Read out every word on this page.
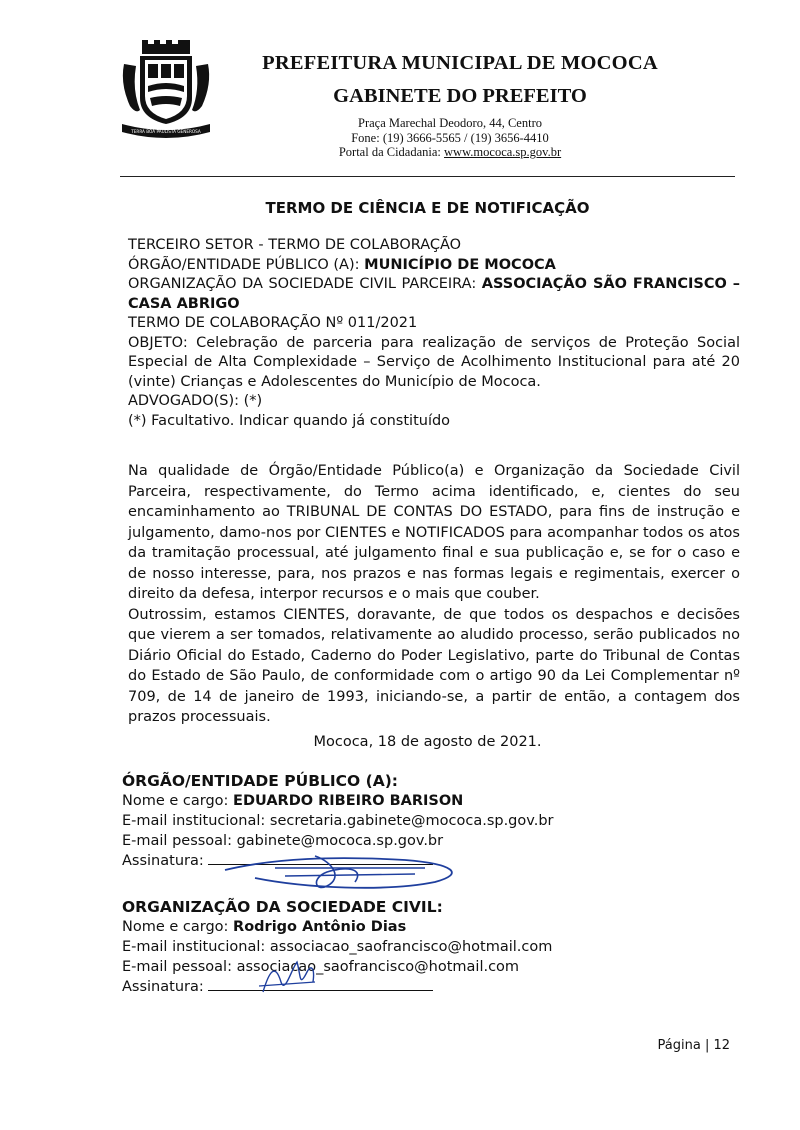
TERRA BOA PAULISTA GENEROSA
PREFEITURA MUNICIPAL DE MOCOCA
GABINETE DO PREFEITO
Praça Marechal Deodoro, 44, Centro
Fone: (19) 3666-5565 / (19) 3656-4410
Portal da Cidadania: www.mococa.sp.gov.br
TERMO DE CIÊNCIA E DE NOTIFICAÇÃO
TERCEIRO SETOR - TERMO DE COLABORAÇÃO
ÓRGÃO/ENTIDADE PÚBLICO (A): MUNICÍPIO DE MOCOCA
ORGANIZAÇÃO DA SOCIEDADE CIVIL PARCEIRA: ASSOCIAÇÃO SÃO FRANCISCO – CASA ABRIGO
TERMO DE COLABORAÇÃO Nº 011/2021
OBJETO: Celebração de parceria para realização de serviços de Proteção Social Especial de Alta Complexidade – Serviço de Acolhimento Institucional para até 20 (vinte) Crianças e Adolescentes do Município de Mococa.
ADVOGADO(S): (*)
(*) Facultativo. Indicar quando já constituído

Na qualidade de Órgão/Entidade Público(a) e Organização da Sociedade Civil Parceira, respectivamente, do Termo acima identificado, e, cientes do seu encaminhamento ao TRIBUNAL DE CONTAS DO ESTADO, para fins de instrução e julgamento, damo-nos por CIENTES e NOTIFICADOS para acompanhar todos os atos da tramitação processual, até julgamento final e sua publicação e, se for o caso e de nosso interesse, para, nos prazos e nas formas legais e regimentais, exercer o direito da defesa, interpor recursos e o mais que couber.

Outrossim, estamos CIENTES, doravante, de que todos os despachos e decisões que vierem a ser tomados, relativamente ao aludido processo, serão publicados no Diário Oficial do Estado, Caderno do Poder Legislativo, parte do Tribunal de Contas do Estado de São Paulo, de conformidade com o artigo 90 da Lei Complementar nº 709, de 14 de janeiro de 1993, iniciando-se, a partir de então, a contagem dos prazos processuais.

Mococa, 18 de agosto de 2021.
ÓRGÃO/ENTIDADE PÚBLICO (A):
Nome e cargo: EDUARDO RIBEIRO BARISON
E-mail institucional: secretaria.gabinete@mococa.sp.gov.br
E-mail pessoal: gabinete@mococa.sp.gov.br
Assinatura:
ORGANIZAÇÃO DA SOCIEDADE CIVIL:
Nome e cargo: Rodrigo Antônio Dias
E-mail institucional: associacao_saofrancisco@hotmail.com
E-mail pessoal: associacao_saofrancisco@hotmail.com
Assinatura:
Página | 12
